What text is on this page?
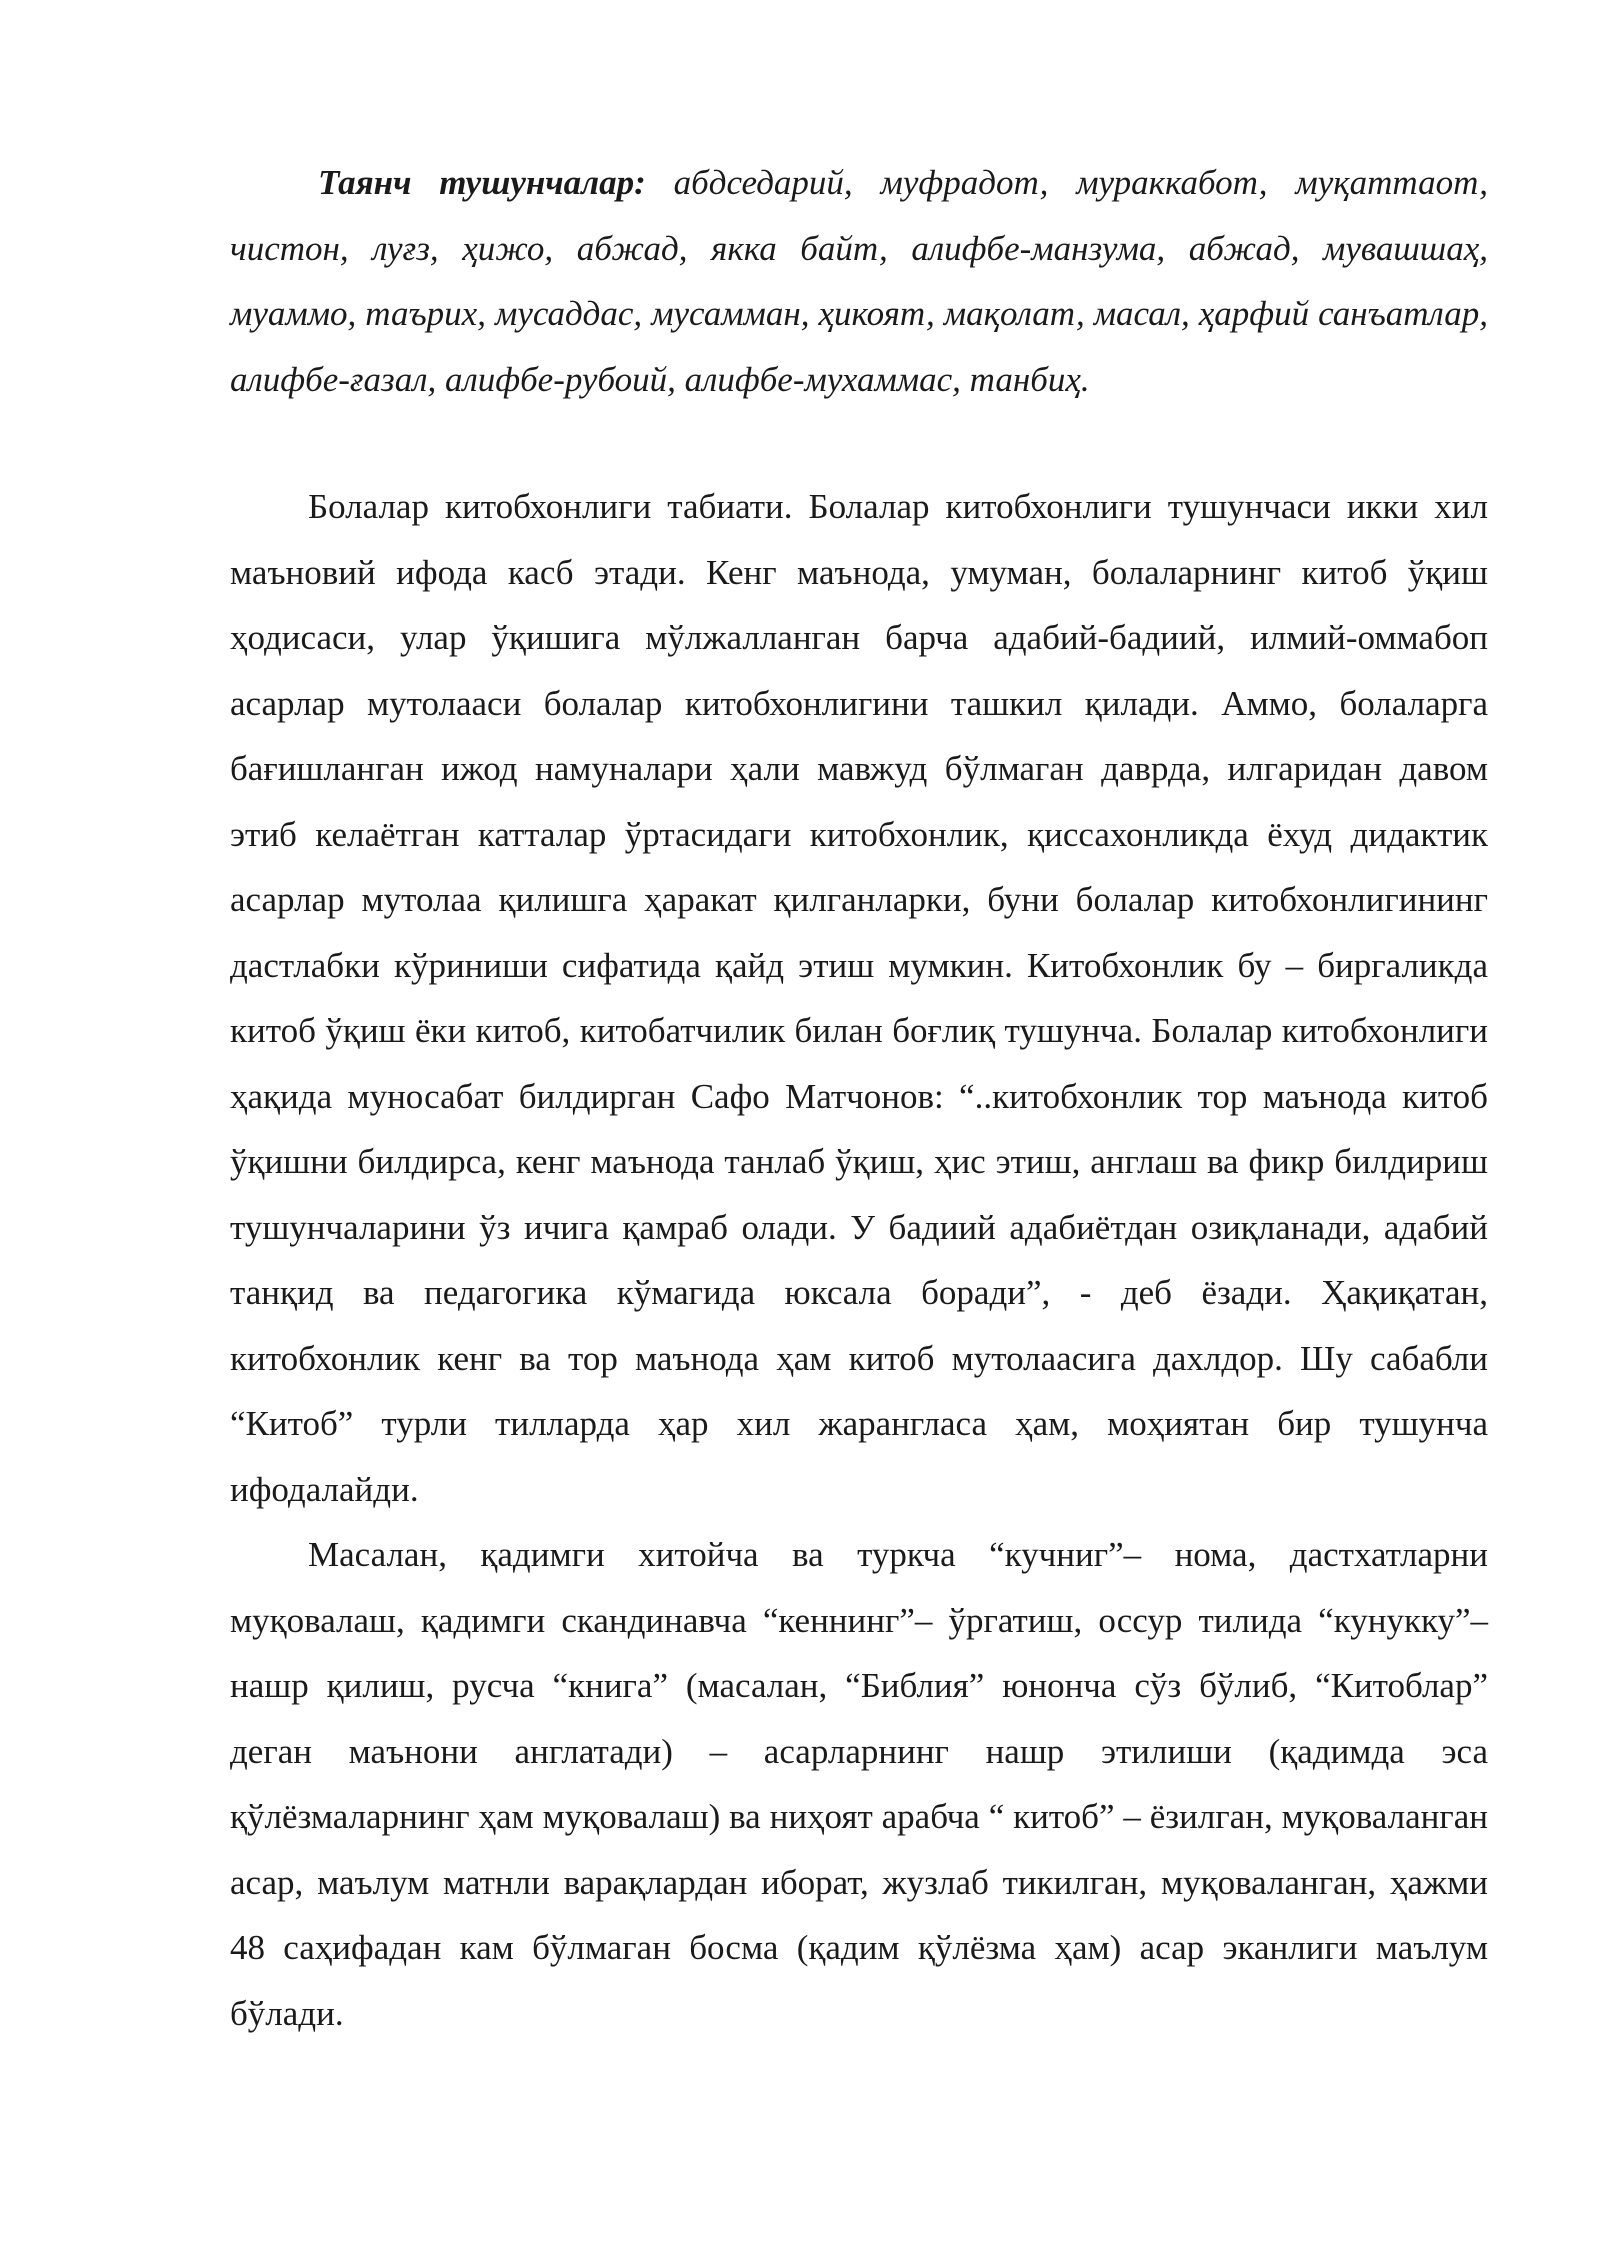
Таянч тушунчалар: абдседарий, муфрадот, мураккабот, муқаттаот, чистон, луғз, ҳижо, абжад, якка байт, алифбе-манзума, абжад, мувашшаҳ, муаммо, таърих, мусаддас, мусамман, ҳикоят, мақолат, масал, ҳарфий санъатлар, алифбе-ғазал, алифбе-рубоий, алифбе-мухаммас, танбиҳ.

Болалар китобхонлиги табиати. Болалар китобхонлиги тушунчаси икки хил маъновий ифода касб этади. Кенг маънода, умуман, болаларнинг китоб ўқиш ҳодисаси, улар ўқишига мўлжалланган барча адабий-бадиий, илмий-оммабоп асарлар мутолааси болалар китобхонлигини ташкил қилади. Аммо, болаларга бағишланган ижод намуналари ҳали мавжуд бўлмаган даврда, илгаридан давом этиб келаётган катталар ўртасидаги китобхонлик, қиссахонликда ёхуд дидактик асарлар мутолаа қилишга ҳаракат қилганларки, буни болалар китобхонлигининг дастлабки кўриниши сифатида қайд этиш мумкин. Китобхонлик бу – биргаликда китоб ўқиш ёки китоб, китобатчилик билан боғлиқ тушунча. Болалар китобхонлиги ҳақида муносабат билдирган Сафо Матчонов: “..китобхонлик тор маънода китоб ўқишни билдирса, кенг маънода танлаб ўқиш, ҳис этиш, англаш ва фикр билдириш тушунчаларини ўз ичига қамраб олади. У бадиий адабиётдан озиқланади, адабий танқид ва педагогика кўмагида юксала боради”, - деб ёзади. Ҳақиқатан, китобхонлик кенг ва тор маънода ҳам китоб мутолаасига дахлдор. Шу сабабли “Китоб” турли тилларда ҳар хил жарангласа ҳам, моҳиятан бир тушунча ифодалайди.

Масалан, қадимги хитойча ва туркча “кучниг”– нома, дастхатларни муқовалаш, қадимги скандинавча “кеннинг”– ўргатиш, оссур тилида “кунукку”– нашр қилиш, русча “книга” (масалан, “Библия” юнонча сўз бўлиб, “Китоблар” деган маънони англатади) – асарларнинг нашр этилиши (қадимда эса қўлёзмаларнинг ҳам муқовалаш) ва ниҳоят арабча “ китоб” – ёзилган, муқоваланган асар, маълум матнли варақлардан иборат, жузлаб тикилган, муқоваланган, ҳажми 48 саҳифадан кам бўлмаган босма (қадим қўлёзма ҳам) асар эканлиги маълум бўлади.
